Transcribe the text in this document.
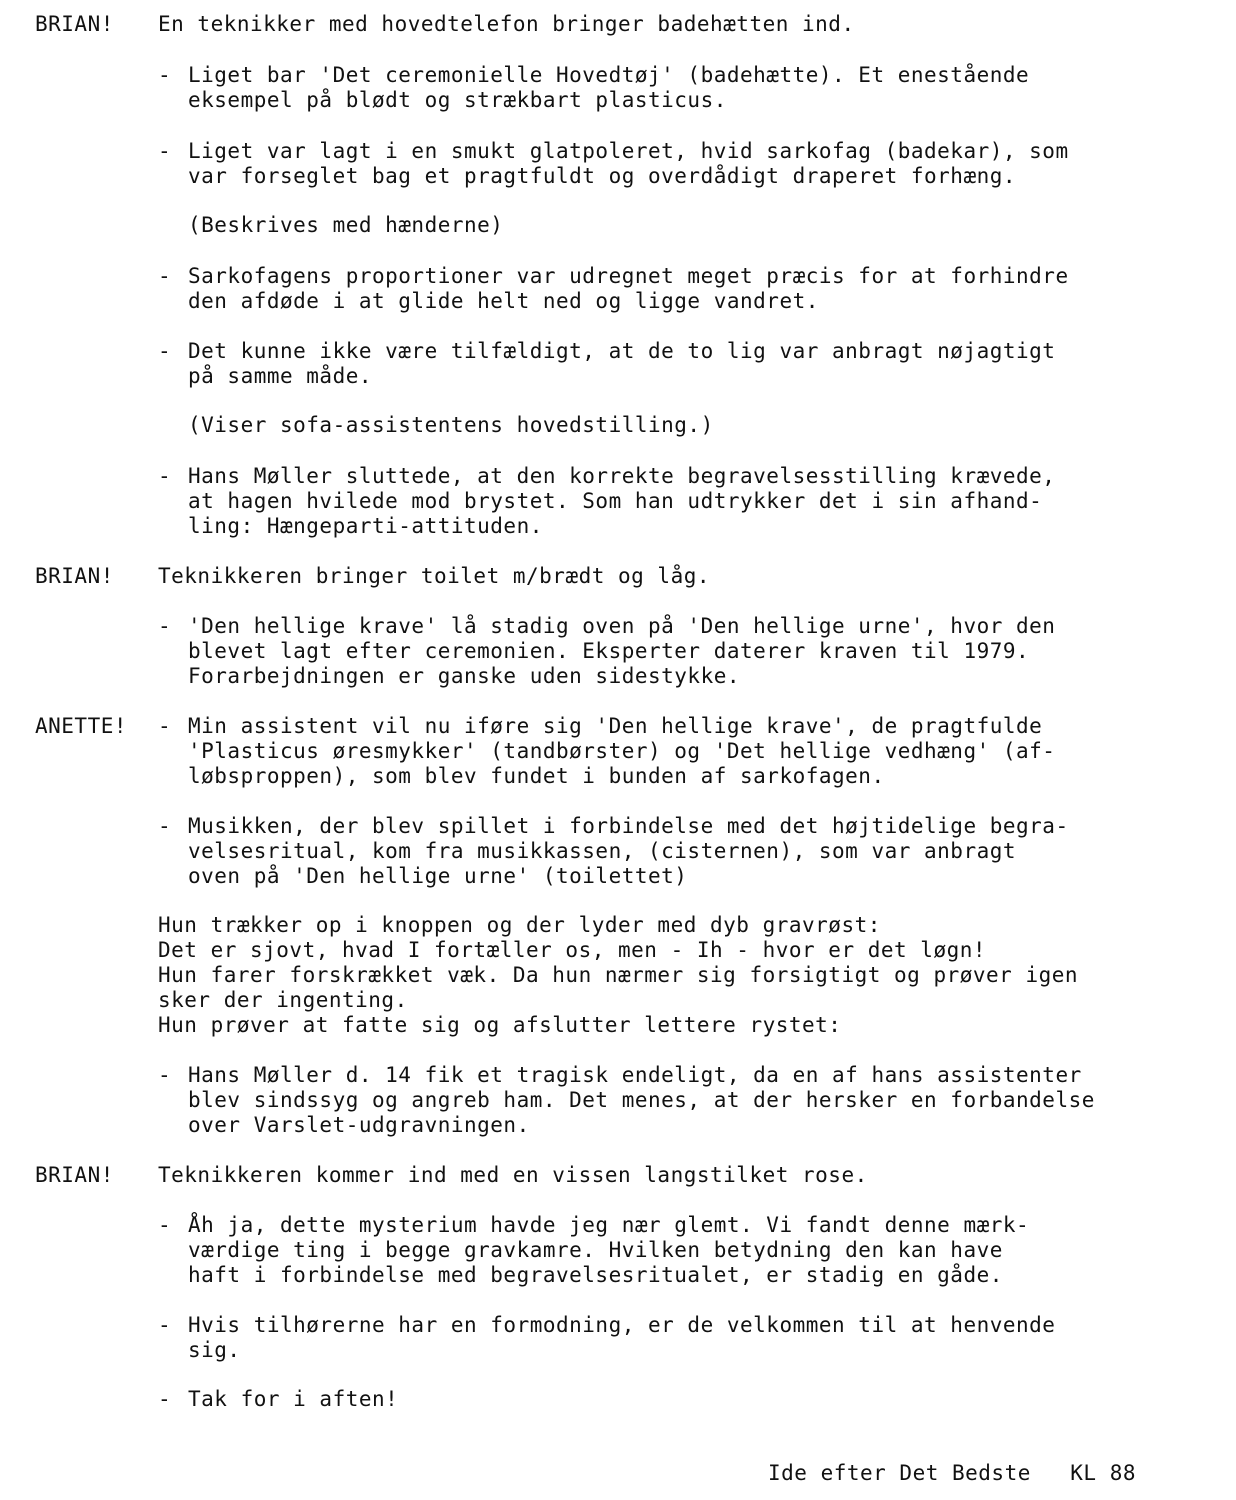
Ide efter Det Bedste   KL 88
BRIAN! En teknikker med hovedtelefon bringer badehætten ind.
- Liget bar 'Det ceremonielle Hovedtøj' (badehætte). Et enestående
eksempel på blødt og strækbart plasticus.
- Liget var lagt i en smukt glatpoleret, hvid sarkofag (badekar), som
var forseglet bag et pragtfuldt og overdådigt draperet forhæng.
(Beskrives med hænderne)
- Sarkofagens proportioner var udregnet meget præcis for at forhindre
den afdøde i at glide helt ned og ligge vandret.
- Det kunne ikke være tilfældigt, at de to lig var anbragt nøjagtigt
på samme måde.
(Viser sofa-assistentens hovedstilling.)
- Hans Møller sluttede, at den korrekte begravelsesstilling krævede,
at hagen hvilede mod brystet. Som han udtrykker det i sin afhand-
ling: Hængeparti-attituden.
BRIAN! Teknikkeren bringer toilet m/brædt og låg.
- 'Den hellige krave' lå stadig oven på 'Den hellige urne', hvor den
blevet lagt efter ceremonien. Eksperter daterer kraven til 1979.
Forarbejdningen er ganske uden sidestykke.
ANETTE! - Min assistent vil nu iføre sig 'Den hellige krave', de pragtfulde
'Plasticus øresmykker' (tandbørster) og 'Det hellige vedhæng' (af-
løbsproppen), som blev fundet i bunden af sarkofagen.
- Musikken, der blev spillet i forbindelse med det højtidelige begra-
velsesritual, kom fra musikkassen, (cisternen), som var anbragt
oven på 'Den hellige urne' (toilettet)
Hun trækker op i knoppen og der lyder med dyb gravrøst:
Det er sjovt, hvad I fortæller os, men - Ih - hvor er det løgn!
Hun farer forskrækket væk. Da hun nærmer sig forsigtigt og prøver igen
sker der ingenting.
Hun prøver at fatte sig og afslutter lettere rystet:
- Hans Møller d. 14 fik et tragisk endeligt, da en af hans assistenter
blev sindssyg og angreb ham. Det menes, at der hersker en forbandelse
over Varslet-udgravningen.
BRIAN! Teknikkeren kommer ind med en vissen langstilket rose.
- Åh ja, dette mysterium havde jeg nær glemt. Vi fandt denne mærk-
værdige ting i begge gravkamre. Hvilken betydning den kan have
haft i forbindelse med begravelsesritualet, er stadig en gåde.
- Hvis tilhørerne har en formodning, er de velkommen til at henvende
sig.
- Tak for i aften!
